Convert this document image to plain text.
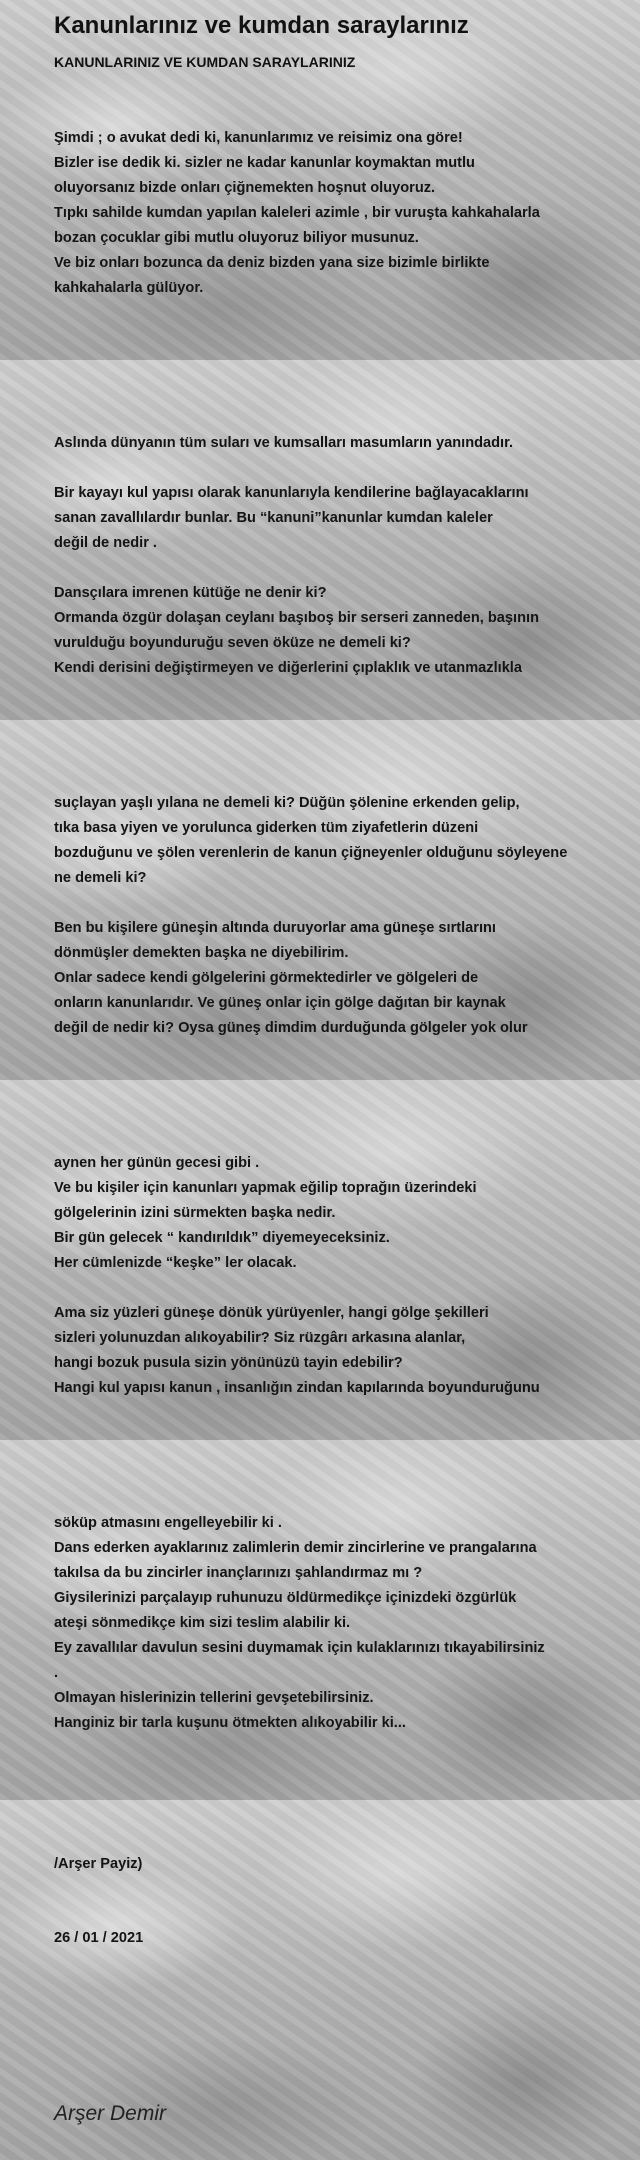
Kanunlarınız ve kumdan saraylarınız
KANUNLARINIZ VE KUMDAN SARAYLARINIZ

Şimdi ; o avukat dedi ki, kanunlarımız ve reisimiz ona göre!
Bizler ise dedik ki. sizler ne kadar kanunlar koymaktan mutlu
oluyorsanız bizde onları çiğnemekten hoşnut oluyoruz.
Tıpkı sahilde kumdan yapılan kaleleri azimle , bir vuruşta kahkahalarla
bozan çocuklar gibi mutlu oluyoruz biliyor musunuz.
Ve biz onları bozunca da deniz bizden yana size bizimle birlikte
kahkahalarla gülüyor.

Aslında dünyanın tüm suları ve kumsalları masumların yanındadır.

Bir kayayı kul yapısı olarak kanunlarıyla kendilerine bağlayacaklarını
sanan zavallılardır bunlar. Bu “kanuni”kanunlar kumdan kaleler
değil de nedir .

Dansçılara imrenen kütüğe ne denir ki?
Ormanda özgür dolaşan ceylanı başıboş bir serseri zanneden, başının
vurulduğu boyunduruğu seven öküze ne demeli ki?
Kendi derisini değiştirmeyen ve diğerlerini çıplaklık ve utanmazlıkla

suçlayan yaşlı yılana ne demeli ki? Düğün şölenine erkenden gelip,
tıka basa yiyen ve yorulunca giderken tüm ziyafetlerin düzeni
bozduğunu ve şölen verenlerin de kanun çiğneyenler olduğunu söyleyene
ne demeli ki?

Ben bu kişilere güneşin altında duruyorlar ama güneşe sırtlarını
dönmüşler demekten başka ne diyebilirim.
Onlar sadece kendi gölgelerini görmektedirler ve gölgeleri de
onların kanunlarıdır. Ve güneş onlar için gölge dağıtan bir kaynak
değil de nedir ki? Oysa güneş dimdim durduğunda gölgeler yok olur

aynen her günün gecesi gibi .
Ve bu kişiler için kanunları yapmak eğilip toprağın üzerindeki
gölgelerinin izini sürmekten başka nedir.
Bir gün gelecek “ kandırıldık” diyemeyeceksiniz.
Her cümlenizde “keşke” ler olacak.

Ama siz yüzleri güneşe dönük yürüyenler, hangi gölge şekilleri
sizleri yolunuzdan alıkoyabilir? Siz rüzgârı arkasına alanlar,
hangi bozuk pusula sizin yönünüzü tayin edebilir?
Hangi kul yapısı kanun , insanlığın zindan kapılarında boyunduruğunu

söküp atmasını engelleyebilir ki .
Dans ederken ayaklarınız zalimlerin demir zincirlerine ve prangalarına
takılsa da bu zincirler inançlarınızı şahlandırmaz mı ?
Giysilerinizi parçalayıp ruhunuzu öldürmedikçe içinizdeki özgürlük
ateşi sönmedikçe kim sizi teslim alabilir ki.
Ey zavallılar davulun sesini duymamak için kulaklarınızı tıkayabilirsiniz
.
Olmayan hislerinizin tellerini gevşetebilirsiniz.
Hanginiz bir tarla kuşunu ötmekten alıkoyabilir ki...

/Arşer Payiz)

26 / 01 / 2021

Arşer Demir
